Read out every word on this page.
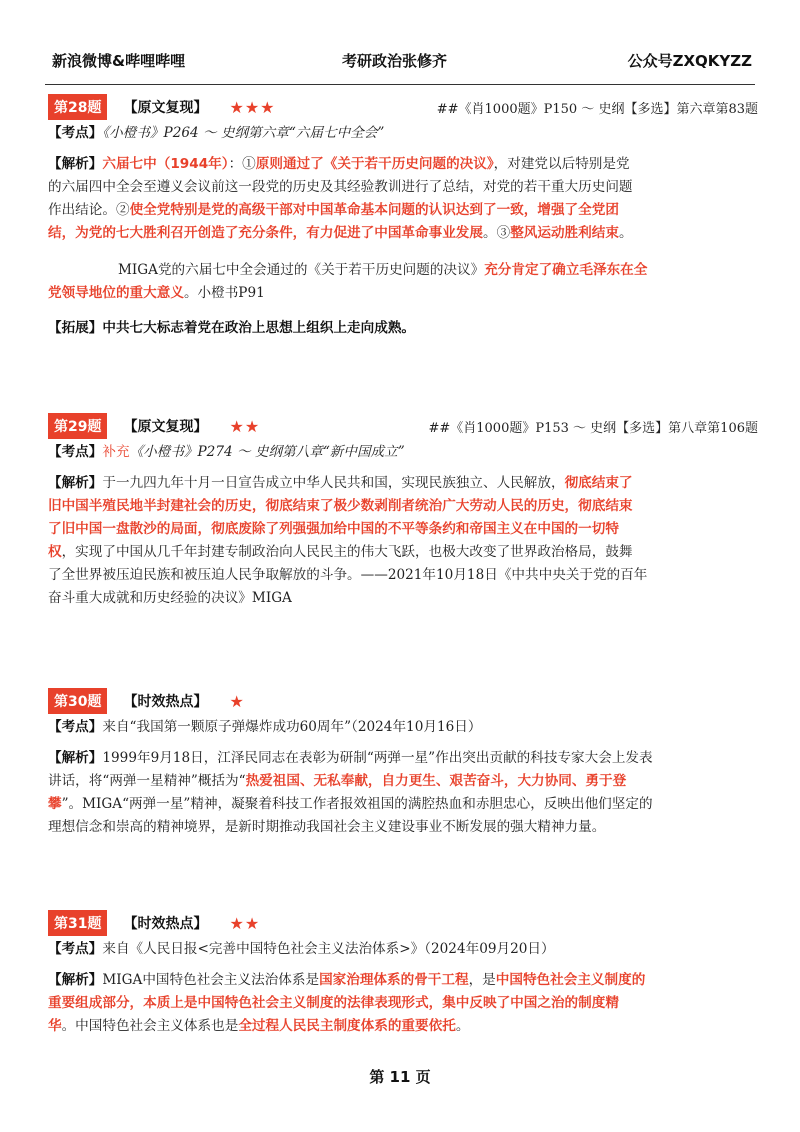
新浪微博&哔哩哔哩	考研政治张修齐	公众号ZXQKYZZ
第28题	【原文复现】 ★★★	##《肖1000题》P150 ～ 史纲【多选】第六章第83题
【考点】《小橙书》P264 ～ 史纲第六章“六届七中全会”
【解析】六届七中（1944年）：①原则通过了《关于若干历史问题的决议》，对建党以后特别是党
的六届四中全会至遵义会议前这一段党的历史及其经验教训进行了总结，对党的若干重大历史问题
作出结论。②使全党特别是党的高级干部对中国革命基本问题的认识达到了一致，增强了全党团
结，为党的七大胜利召开创造了充分条件，有力促进了中国革命事业发展。③整风运动胜利结束。
MIGA党的六届七中全会通过的《关于若干历史问题的决议》充分肯定了确立毛泽东在全
党领导地位的重大意义。小橙书P91
【拓展】中共七大标志着党在政治上思想上组织上走向成熟。
第29题	【原文复现】 ★★	##《肖1000题》P153 ～ 史纲【多选】第八章第106题
【考点】补充《小橙书》P274 ～ 史纲第八章“新中国成立”
【解析】于一九四九年十月一日宣告成立中华人民共和国，实现民族独立、人民解放，彻底结束了
旧中国半殖民地半封建社会的历史，彻底结束了极少数剥削者统治广大劳动人民的历史，彻底结束
了旧中国一盘散沙的局面，彻底废除了列强强加给中国的不平等条约和帝国主义在中国的一切特
权，实现了中国从几千年封建专制政治向人民民主的伟大飞跃，也极大改变了世界政治格局，鼓舞
了全世界被压迫民族和被压迫人民争取解放的斗争。——2021年10月18日《中共中央关于党的百年
奋斗重大成就和历史经验的决议》MIGA
第30题	【时效热点】 ★
【考点】来自“我国第一颗原子弹爆炸成功60周年”（2024年10月16日）
【解析】1999年9月18日，江泽民同志在表彰为研制“两弹一星”作出突出贡献的科技专家大会上发表
讲话，将“两弹一星精神”概括为“热爱祖国、无私奉献，自力更生、艰苦奋斗，大力协同、勇于登
攀”。MIGA“两弹一星”精神，凝聚着科技工作者报效祖国的满腔热血和赤胆忠心，反映出他们坚定的
理想信念和崇高的精神境界，是新时期推动我国社会主义建设事业不断发展的强大精神力量。
第31题	【时效热点】 ★★
【考点】来自《人民日报<完善中国特色社会主义法治体系>》（2024年09月20日）
【解析】MIGA中国特色社会主义法治体系是国家治理体系的骨干工程，是中国特色社会主义制度的
重要组成部分，本质上是中国特色社会主义制度的法律表现形式，集中反映了中国之治的制度精
华。中国特色社会主义体系也是全过程人民民主制度体系的重要依托。
第 11 页
